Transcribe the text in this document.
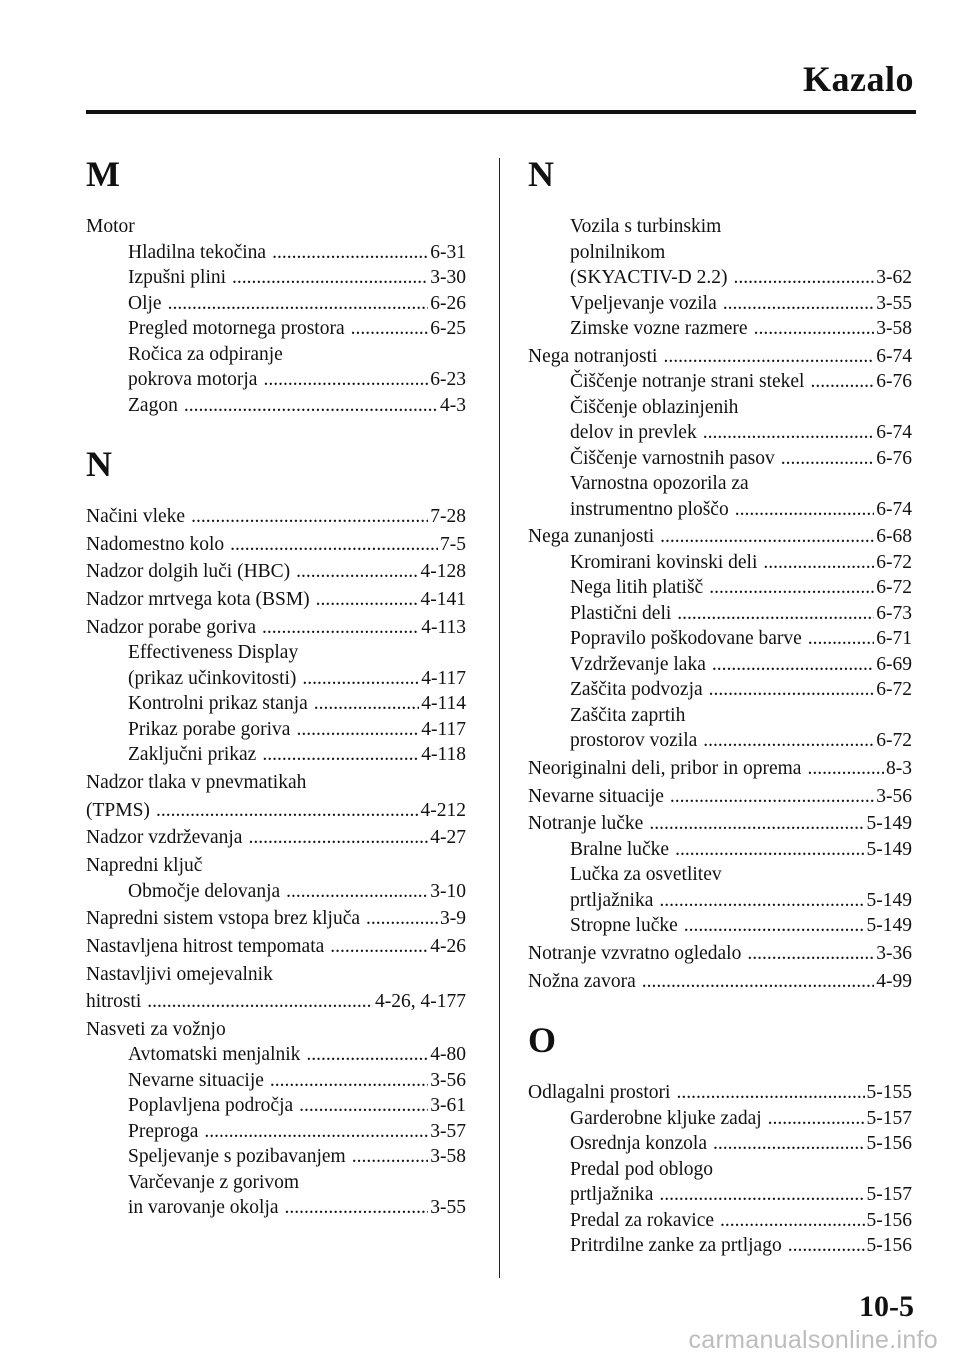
Kazalo
M
Motor
Hladilna tekočina .....	6-31
Izpušni plini .....	3-30
Olje .....	6-26
Pregled motornega prostora .....	6-25
Ročica za odpiranje
pokrova motorja .....	6-23
Zagon .....	4-3
N
Načini vleke .....	7-28
Nadomestno kolo .....	7-5
Nadzor dolgih luči (HBC) .....	4-128
Nadzor mrtvega kota (BSM) .....	4-141
Nadzor porabe goriva .....	4-113
Effectiveness Display
(prikaz učinkovitosti) .....	4-117
Kontrolni prikaz stanja .....	4-114
Prikaz porabe goriva .....	4-117
Zaključni prikaz .....	4-118
Nadzor tlaka v pnevmatikah
(TPMS) .....	4-212
Nadzor vzdrževanja .....	4-27
Napredni ključ
Območje delovanja .....	3-10
Napredni sistem vstopa brez ključa .....	3-9
Nastavljena hitrost tempomata .....	4-26
Nastavljivi omejevalnik
hitrosti .....	4-26, 4-177
Nasveti za vožnjo
Avtomatski menjalnik .....	4-80
Nevarne situacije .....	3-56
Poplavljena področja .....	3-61
Preproga .....	3-57
Speljevanje s pozibavanjem .....	3-58
Varčevanje z gorivom
in varovanje okolja .....	3-55
N
Vozila s turbinskim
polnilnikom
(SKYACTIV-D 2.2) .....	3-62
Vpeljevanje vozila .....	3-55
Zimske vozne razmere .....	3-58
Nega notranjosti .....	6-74
Čiščenje notranje strani stekel .....	6-76
Čiščenje oblazinjenih
delov in prevlek .....	6-74
Čiščenje varnostnih pasov .....	6-76
Varnostna opozorila za
instrumentno ploščo .....	6-74
Nega zunanjosti .....	6-68
Kromirani kovinski deli .....	6-72
Nega litih platišč .....	6-72
Plastični deli .....	6-73
Popravilo poškodovane barve .....	6-71
Vzdrževanje laka .....	6-69
Zaščita podvozja .....	6-72
Zaščita zaprtih
prostorov vozila .....	6-72
Neoriginalni deli, pribor in oprema .....	8-3
Nevarne situacije .....	3-56
Notranje lučke .....	5-149
Bralne lučke .....	5-149
Lučka za osvetlitev
prtljažnika .....	5-149
Stropne lučke .....	5-149
Notranje vzvratno ogledalo .....	3-36
Nožna zavora .....	4-99
O
Odlagalni prostori .....	5-155
Garderobne kljuke zadaj .....	5-157
Osrednja konzola .....	5-156
Predal pod oblogo
prtljažnika .....	5-157
Predal za rokavice .....	5-156
Pritrdilne zanke za prtljago .....	5-156
10-5
carmanualsonline.info
